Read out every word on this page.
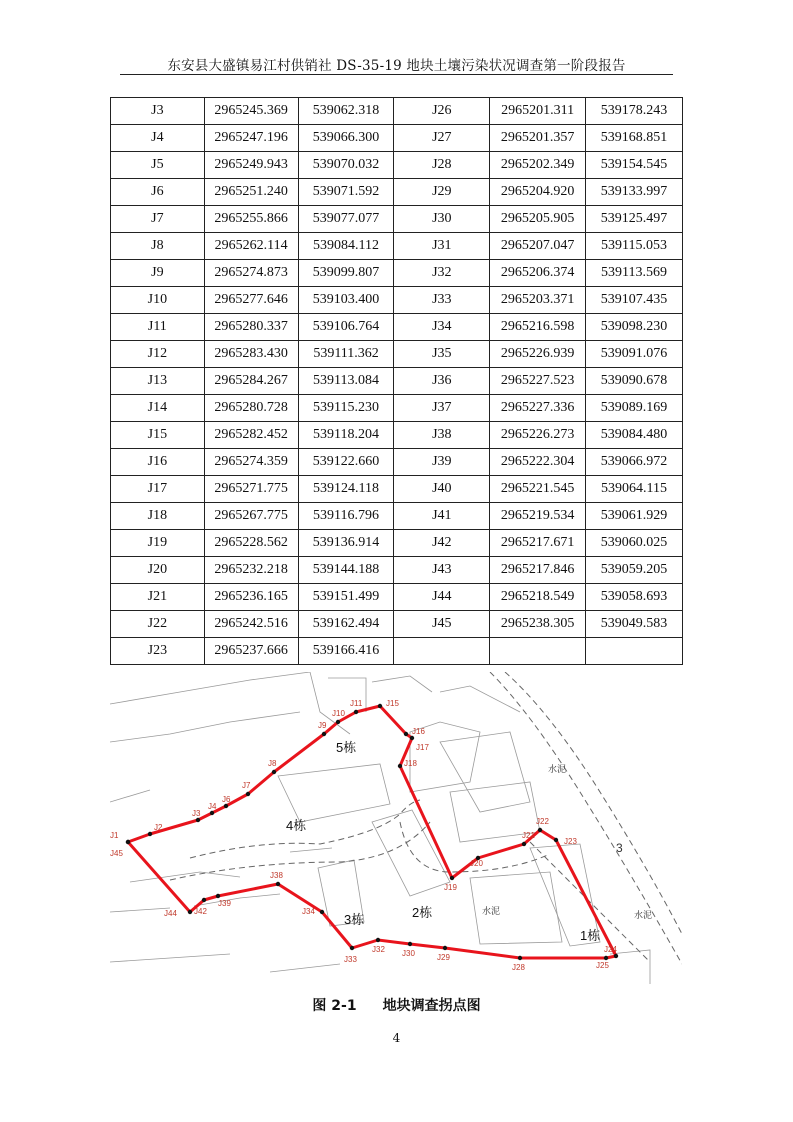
东安县大盛镇易江村供销社 DS-35-19 地块土壤污染状况调查第一阶段报告
J3	2965245.369	539062.318	J26	2965201.311	539178.243
J4	2965247.196	539066.300	J27	2965201.357	539168.851
J5	2965249.943	539070.032	J28	2965202.349	539154.545
J6	2965251.240	539071.592	J29	2965204.920	539133.997
J7	2965255.866	539077.077	J30	2965205.905	539125.497
J8	2965262.114	539084.112	J31	2965207.047	539115.053
J9	2965274.873	539099.807	J32	2965206.374	539113.569
J10	2965277.646	539103.400	J33	2965203.371	539107.435
J11	2965280.337	539106.764	J34	2965216.598	539098.230
J12	2965283.430	539111.362	J35	2965226.939	539091.076
J13	2965284.267	539113.084	J36	2965227.523	539090.678
J14	2965280.728	539115.230	J37	2965227.336	539089.169
J15	2965282.452	539118.204	J38	2965226.273	539084.480
J16	2965274.359	539122.660	J39	2965222.304	539066.972
J17	2965271.775	539124.118	J40	2965221.545	539064.115
J18	2965267.775	539116.796	J41	2965219.534	539061.929
J19	2965228.562	539136.914	J42	2965217.671	539060.025
J20	2965232.218	539144.188	J43	2965217.846	539059.205
J21	2965236.165	539151.499	J44	2965218.549	539058.693
J22	2965242.516	539162.494	J45	2965238.305	539049.583
J23	2965237.666	539166.416			
J1
J45
J2
J3
J4
J6
J7
J8
J9
J10
J11	J15
J16
J17
J18
J19
J20
J21
J22
J23
J24
J25
J28
J29
J30
J32
J33
J34
J38
J39
J42
J44
5栋
4栋
3栋	2栋
1栋
水泥
水泥	水泥
3
图 2-1 地块调查拐点图
4
